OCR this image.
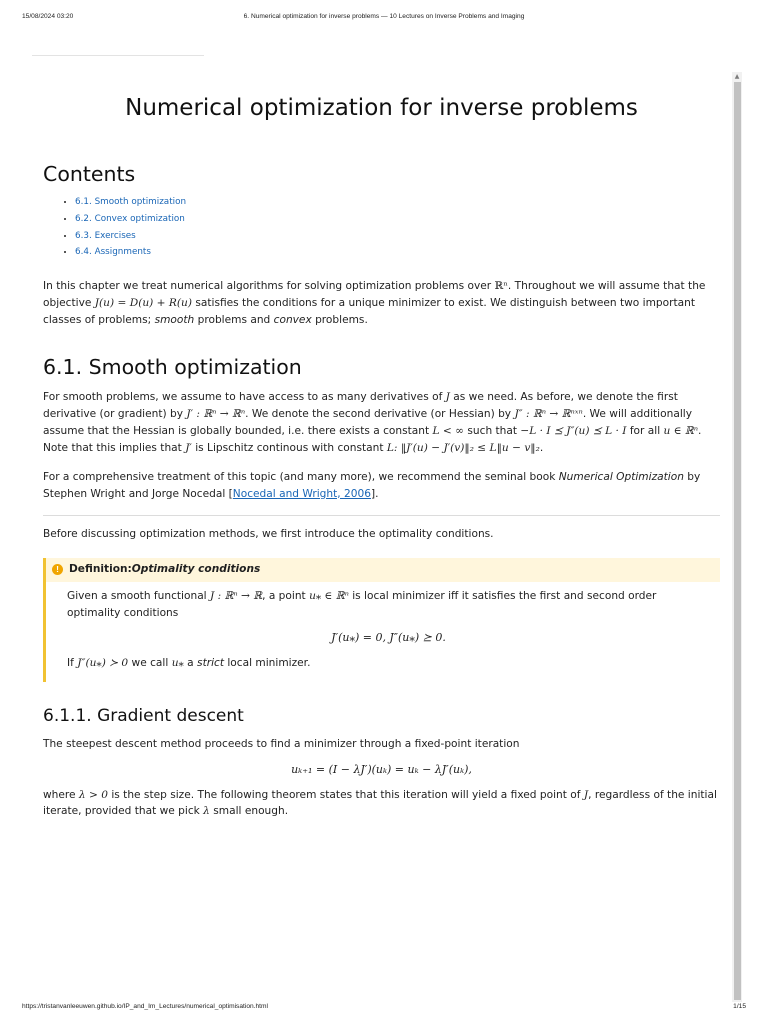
15/08/2024 03:20	6. Numerical optimization for inverse problems — 10 Lectures on Inverse Problems and Imaging
▲
Numerical optimization for inverse problems
Contents
• 6.1. Smooth optimization
• 6.2. Convex optimization
• 6.3. Exercises
• 6.4. Assignments

In this chapter we treat numerical algorithms for solving optimization problems over ℝⁿ. Throughout we will assume that the objective J(u) = D(u) + R(u) satisfies the conditions for a unique minimizer to exist. We distinguish between two important classes of problems; smooth problems and convex problems.

6.1. Smooth optimization

For smooth problems, we assume to have access to as many derivatives of J as we need. As before, we denote the first derivative (or gradient) by J′ : ℝⁿ → ℝⁿ. We denote the second derivative (or Hessian) by J″ : ℝⁿ → ℝⁿˣⁿ. We will additionally assume that the Hessian is globally bounded, i.e. there exists a constant L < ∞ such that −L · I ⪯ J″(u) ⪯ L · I for all u ∈ ℝⁿ. Note that this implies that J′ is Lipschitz continous with constant L: ‖J′(u) − J′(v)‖₂ ≤ L‖u − v‖₂.

For a comprehensive treatment of this topic (and many more), we recommend the seminal book Numerical Optimization by Stephen Wright and Jorge Nocedal [Nocedal and Wright, 2006].

Before discussing optimization methods, we first introduce the optimality conditions.

! Definition: Optimality conditions

Given a smooth functional J : ℝⁿ → ℝ, a point u⁎ ∈ ℝⁿ is local minimizer iff it satisfies the first and second order optimality conditions

J′(u⁎) = 0, J″(u⁎) ⪰ 0.

If J″(u⁎) ≻ 0 we call u⁎ a strict local minimizer.

6.1.1. Gradient descent

The steepest descent method proceeds to find a minimizer through a fixed-point iteration

uₖ₊₁ = (I − λJ′)(uₖ) = uₖ − λJ′(uₖ),

where λ > 0 is the step size. The following theorem states that this iteration will yield a fixed point of J, regardless of the initial iterate, provided that we pick λ small enough.

https://tristanvanleeuwen.github.io/IP_and_Im_Lectures/numerical_optimisation.html	1/15
